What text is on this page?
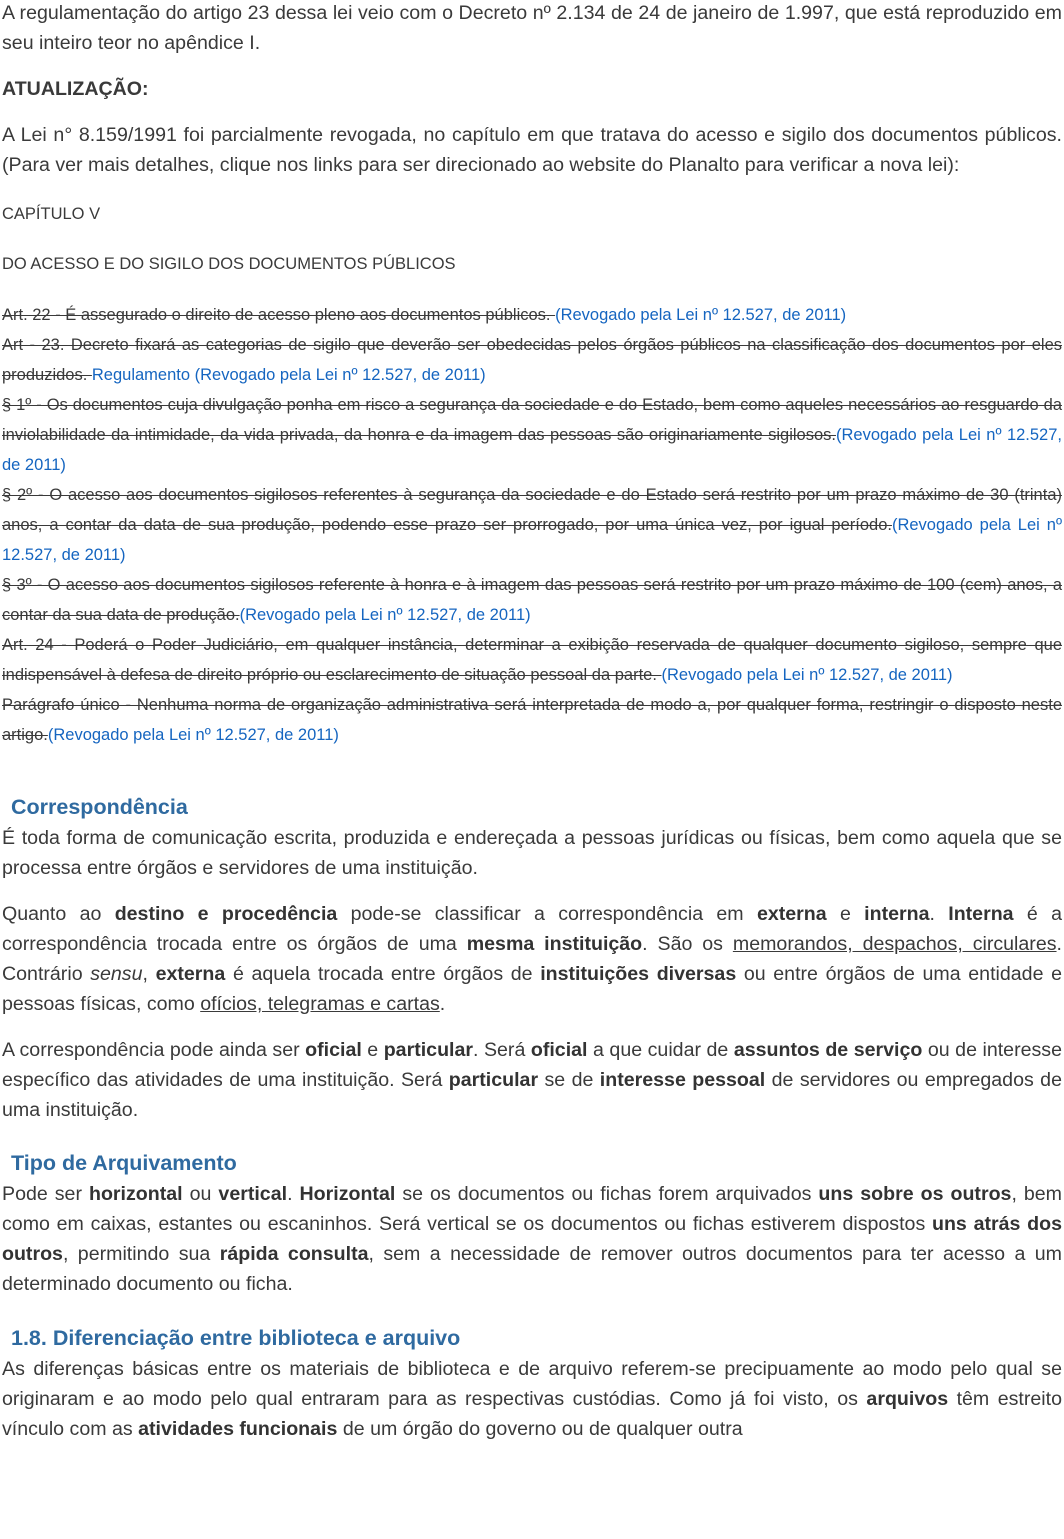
A regulamentação do artigo 23 dessa lei veio com o Decreto nº 2.134 de 24 de janeiro de 1.997, que está reproduzido em seu inteiro teor no apêndice I.

ATUALIZAÇÃO:

A Lei n° 8.159/1991 foi parcialmente revogada, no capítulo em que tratava do acesso e sigilo dos documentos públicos. (Para ver mais detalhes, clique nos links para ser direcionado ao website do Planalto para verificar a nova lei):

CAPÍTULO V

DO ACESSO E DO SIGILO DOS DOCUMENTOS PÚBLICOS

Art. 22 - É assegurado o direito de acesso pleno aos documentos públicos. (Revogado pela Lei nº 12.527, de 2011)

Art - 23. Decreto fixará as categorias de sigilo que deverão ser obedecidas pelos órgãos públicos na classificação dos documentos por eles produzidos. Regulamento (Revogado pela Lei nº 12.527, de 2011)

§ 1º - Os documentos cuja divulgação ponha em risco a segurança da sociedade e do Estado, bem como aqueles necessários ao resguardo da inviolabilidade da intimidade, da vida privada, da honra e da imagem das pessoas são originariamente sigilosos.(Revogado pela Lei nº 12.527, de 2011)

§ 2º - O acesso aos documentos sigilosos referentes à segurança da sociedade e do Estado será restrito por um prazo máximo de 30 (trinta) anos, a contar da data de sua produção, podendo esse prazo ser prorrogado, por uma única vez, por igual período.(Revogado pela Lei nº 12.527, de 2011)

§ 3º - O acesso aos documentos sigilosos referente à honra e à imagem das pessoas será restrito por um prazo máximo de 100 (cem) anos, a contar da sua data de produção.(Revogado pela Lei nº 12.527, de 2011)

Art. 24 - Poderá o Poder Judiciário, em qualquer instância, determinar a exibição reservada de qualquer documento sigiloso, sempre que indispensável à defesa de direito próprio ou esclarecimento de situação pessoal da parte. (Revogado pela Lei nº 12.527, de 2011)

Parágrafo único - Nenhuma norma de organização administrativa será interpretada de modo a, por qualquer forma, restringir o disposto neste artigo.(Revogado pela Lei nº 12.527, de 2011)

Correspondência

É toda forma de comunicação escrita, produzida e endereçada a pessoas jurídicas ou físicas, bem como aquela que se processa entre órgãos e servidores de uma instituição.

Quanto ao destino e procedência pode-se classificar a correspondência em externa e interna. Interna é a correspondência trocada entre os órgãos de uma mesma instituição. São os memorandos, despachos, circulares. Contrário sensu, externa é aquela trocada entre órgãos de instituições diversas ou entre órgãos de uma entidade e pessoas físicas, como ofícios, telegramas e cartas.

A correspondência pode ainda ser oficial e particular. Será oficial a que cuidar de assuntos de serviço ou de interesse específico das atividades de uma instituição. Será particular se de interesse pessoal de servidores ou empregados de uma instituição.

Tipo de Arquivamento

Pode ser horizontal ou vertical. Horizontal se os documentos ou fichas forem arquivados uns sobre os outros, bem como em caixas, estantes ou escaninhos. Será vertical se os documentos ou fichas estiverem dispostos uns atrás dos outros, permitindo sua rápida consulta, sem a necessidade de remover outros documentos para ter acesso a um determinado documento ou ficha.

1.8. Diferenciação entre biblioteca e arquivo

As diferenças básicas entre os materiais de biblioteca e de arquivo referem-se precipuamente ao modo pelo qual se originaram e ao modo pelo qual entraram para as respectivas custódias. Como já foi visto, os arquivos têm estreito vínculo com as atividades funcionais de um órgão do governo ou de qualquer outra
